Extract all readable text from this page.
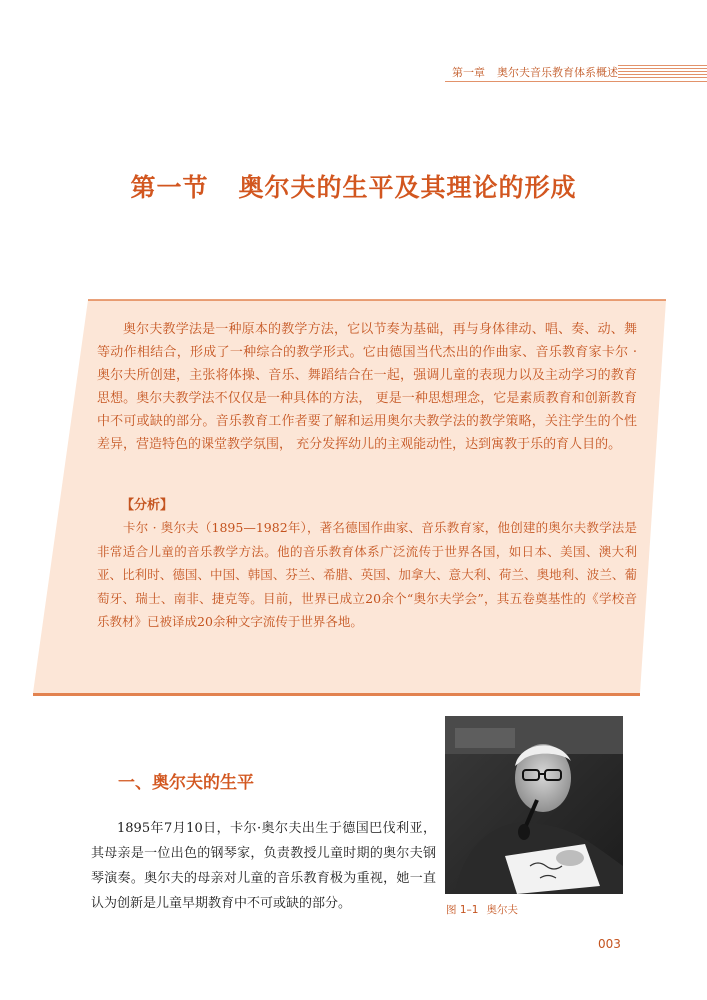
第一章 奥尔夫音乐教育体系概述
第一节 奥尔夫的生平及其理论的形成

奥尔夫教学法是一种原本的教学方法，它以节奏为基础，再与身体律动、唱、奏、动、舞等动作相结合，形成了一种综合的教学形式。它由德国当代杰出的作曲家、音乐教育家卡尔 · 奥尔夫所创建，主张将体操、音乐、舞蹈结合在一起，强调儿童的表现力以及主动学习的教育思想。奥尔夫教学法不仅仅是一种具体的方法， 更是一种思想理念，它是素质教育和创新教育中不可或缺的部分。音乐教育工作者要了解和运用奥尔夫教学法的教学策略，关注学生的个性差异，营造特色的课堂教学氛围， 充分发挥幼儿的主观能动性，达到寓教于乐的育人目的。

【分析】

卡尔 · 奥尔夫（1895—1982年），著名德国作曲家、音乐教育家，他创建的奥尔夫教学法是非常适合儿童的音乐教学方法。他的音乐教育体系广泛流传于世界各国，如日本、美国、澳大利亚、比利时、德国、中国、韩国、芬兰、希腊、英国、加拿大、意大利、荷兰、奥地利、波兰、葡萄牙、瑞士、南非、捷克等。目前，世界已成立20余个“奥尔夫学会”，其五卷奠基性的《学校音乐教材》已被译成20余种文字流传于世界各地。

一、奥尔夫的生平

1895年7月10日，卡尔·奥尔夫出生于德国巴伐利亚，其母亲是一位出色的钢琴家，负责教授儿童时期的奥尔夫钢琴演奏。奥尔夫的母亲对儿童的音乐教育极为重视，她一直认为创新是儿童早期教育中不可或缺的部分。	图 1–1 奥尔夫
003
